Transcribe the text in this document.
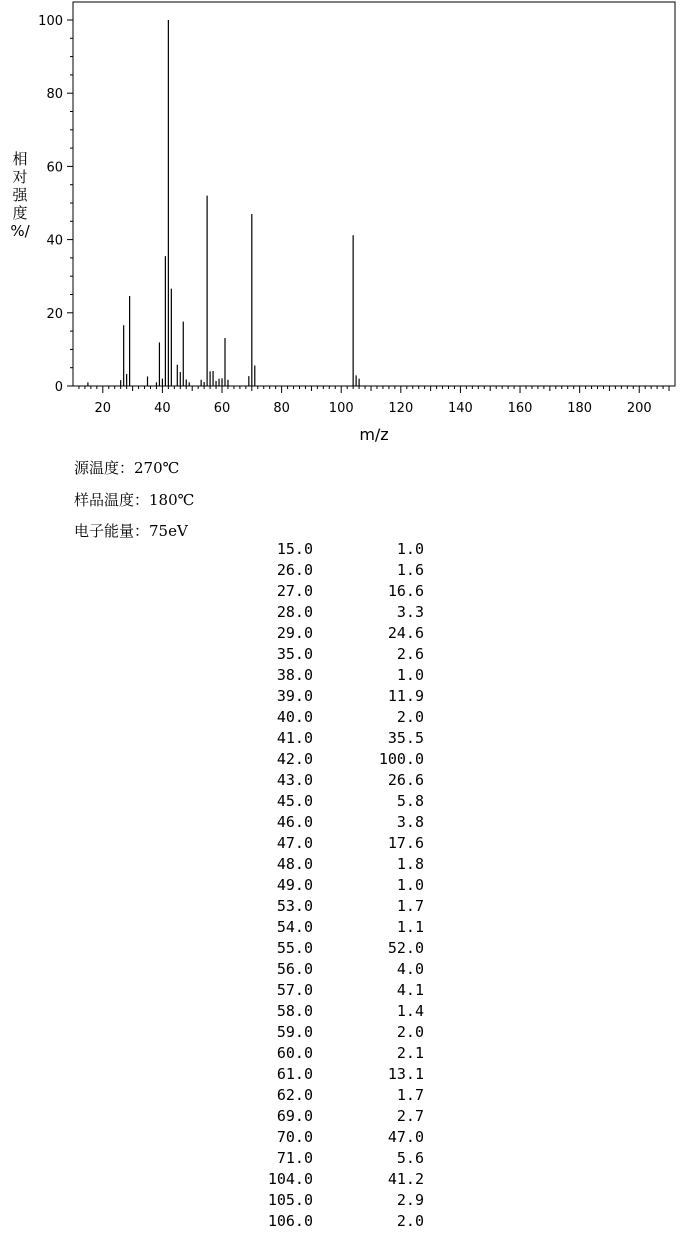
0
20
40
60
80
100
20	40	60	80	100	120	140	160	180	200
m/z
相
对
强
度
%/
源温度：270℃
样品温度：180℃
电子能量：75eV
15.0	1.0
26.0	1.6
27.0	16.6
28.0	3.3
29.0	24.6
35.0	2.6
38.0	1.0
39.0	11.9
40.0	2.0
41.0	35.5
42.0	100.0
43.0	26.6
45.0	5.8
46.0	3.8
47.0	17.6
48.0	1.8
49.0	1.0
53.0	1.7
54.0	1.1
55.0	52.0
56.0	4.0
57.0	4.1
58.0	1.4
59.0	2.0
60.0	2.1
61.0	13.1
62.0	1.7
69.0	2.7
70.0	47.0
71.0	5.6
104.0	41.2
105.0	2.9
106.0	2.0
